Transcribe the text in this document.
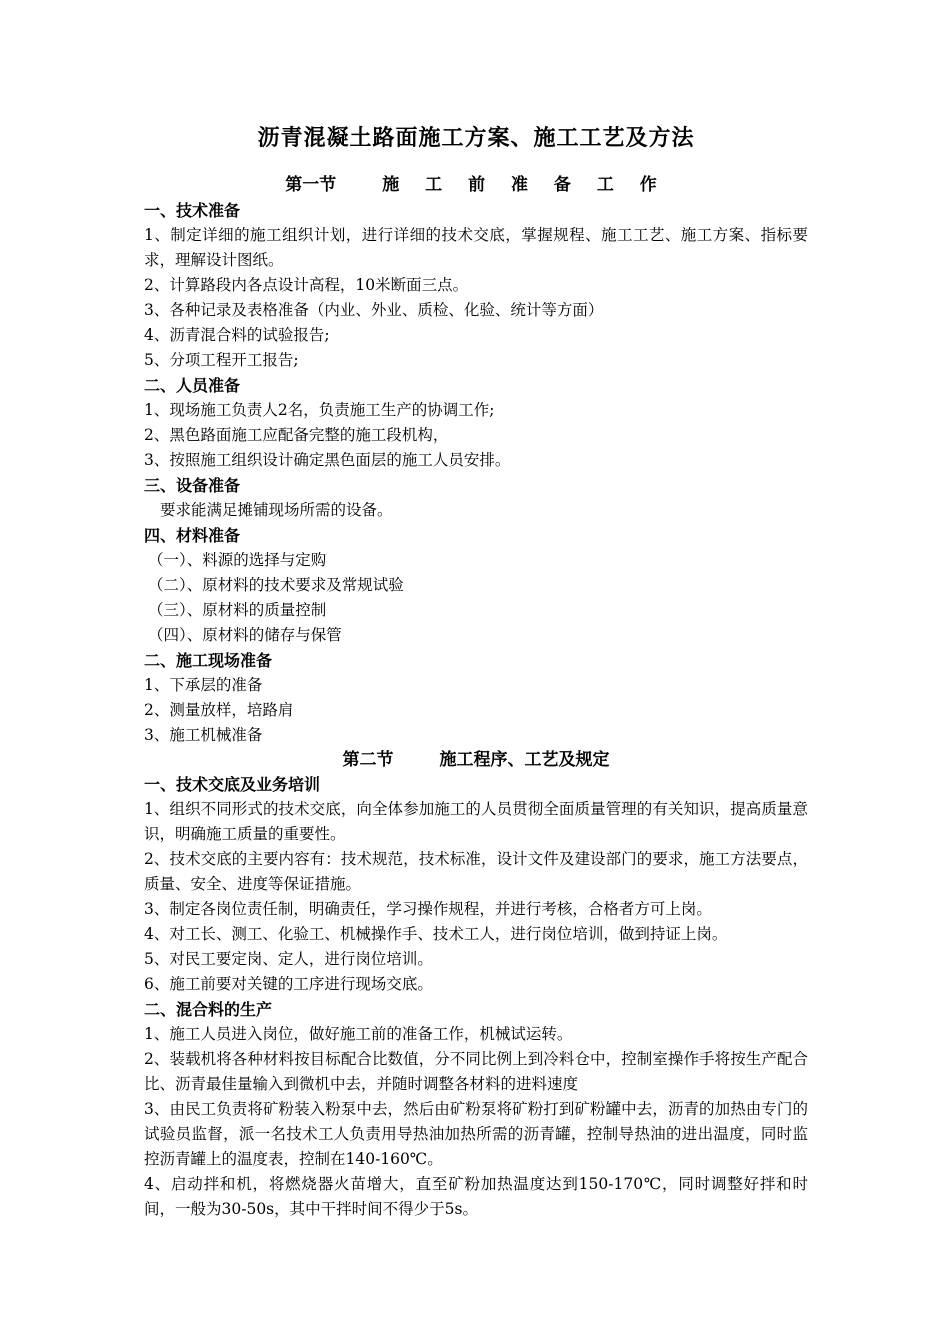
沥青混凝土路面施工方案、施工工艺及方法
第一节	施 工 前 准 备 工 作
一、技术准备
1、制定详细的施工组织计划，进行详细的技术交底，掌握规程、施工工艺、施工方案、指标要求，理解设计图纸。
2、计算路段内各点设计高程，10米断面三点。
3、各种记录及表格准备（内业、外业、质检、化验、统计等方面）
4、沥青混合料的试验报告;
5、分项工程开工报告;
二、人员准备
1、现场施工负责人2名，负责施工生产的协调工作;
2、黑色路面施工应配备完整的施工段机构，
3、按照施工组织设计确定黑色面层的施工人员安排。
三、设备准备
要求能满足摊铺现场所需的设备。
四、材料准备
（一）、料源的选择与定购
（二）、原材料的技术要求及常规试验
（三）、原材料的质量控制
（四）、原材料的储存与保管
二、施工现场准备
1、下承层的准备
2、测量放样，培路肩
3、施工机械准备
第二节	施工程序、工艺及规定
一、技术交底及业务培训
1、组织不同形式的技术交底，向全体参加施工的人员贯彻全面质量管理的有关知识，提高质量意识，明确施工质量的重要性。
2、技术交底的主要内容有：技术规范，技术标准，设计文件及建设部门的要求，施工方法要点，质量、安全、进度等保证措施。
3、制定各岗位责任制，明确责任，学习操作规程，并进行考核，合格者方可上岗。
4、对工长、测工、化验工、机械操作手、技术工人，进行岗位培训，做到持证上岗。
5、对民工要定岗、定人，进行岗位培训。
6、施工前要对关键的工序进行现场交底。
二、混合料的生产
1、施工人员进入岗位，做好施工前的准备工作，机械试运转。
2、装载机将各种材料按目标配合比数值，分不同比例上到冷料仓中，控制室操作手将按生产配合比、沥青最佳量输入到微机中去，并随时调整各材料的进料速度
3、由民工负责将矿粉装入粉泵中去，然后由矿粉泵将矿粉打到矿粉罐中去，沥青的加热由专门的试验员监督，派一名技术工人负责用导热油加热所需的沥青罐，控制导热油的进出温度，同时监控沥青罐上的温度表，控制在140-160℃。
4、启动拌和机，将燃烧器火苗增大，直至矿粉加热温度达到150-170℃，同时调整好拌和时间，一般为30-50s，其中干拌时间不得少于5s。
